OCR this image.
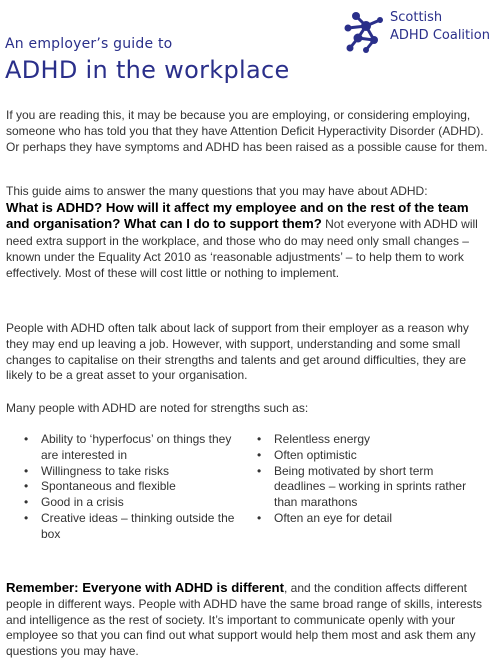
Scottish
ADHD Coalition
An employer’s guide to
ADHD in the workplace

If you are reading this, it may be because you are employing, or considering employing, someone who has told you that they have Attention Deficit Hyperactivity Disorder (ADHD). Or perhaps they have symptoms and ADHD has been raised as a possible cause for them.

This guide aims to answer the many questions that you may have about ADHD:
What is ADHD? How will it affect my employee and on the rest of the team and organisation? What can I do to support them? Not everyone with ADHD will need extra support in the workplace, and those who do may need only small changes – known under the Equality Act 2010 as ‘reasonable adjustments’ – to help them to work effectively. Most of these will cost little or nothing to implement.

People with ADHD often talk about lack of support from their employer as a reason why they may end up leaving a job. However, with support, understanding and some small changes to capitalise on their strengths and talents and get around difficulties, they are likely to be a great asset to your organisation.

Many people with ADHD are noted for strengths such as:

• Ability to ‘hyperfocus’ on things they are interested in
• Willingness to take risks
• Spontaneous and flexible
• Good in a crisis
• Creative ideas – thinking outside the box
• Relentless energy
• Often optimistic
• Being motivated by short term deadlines – working in sprints rather than marathons
• Often an eye for detail

Remember: Everyone with ADHD is different, and the condition affects different people in different ways. People with ADHD have the same broad range of skills, interests and intelligence as the rest of society. It’s important to communicate openly with your employee so that you can find out what support would help them most and ask them any questions you may have.
